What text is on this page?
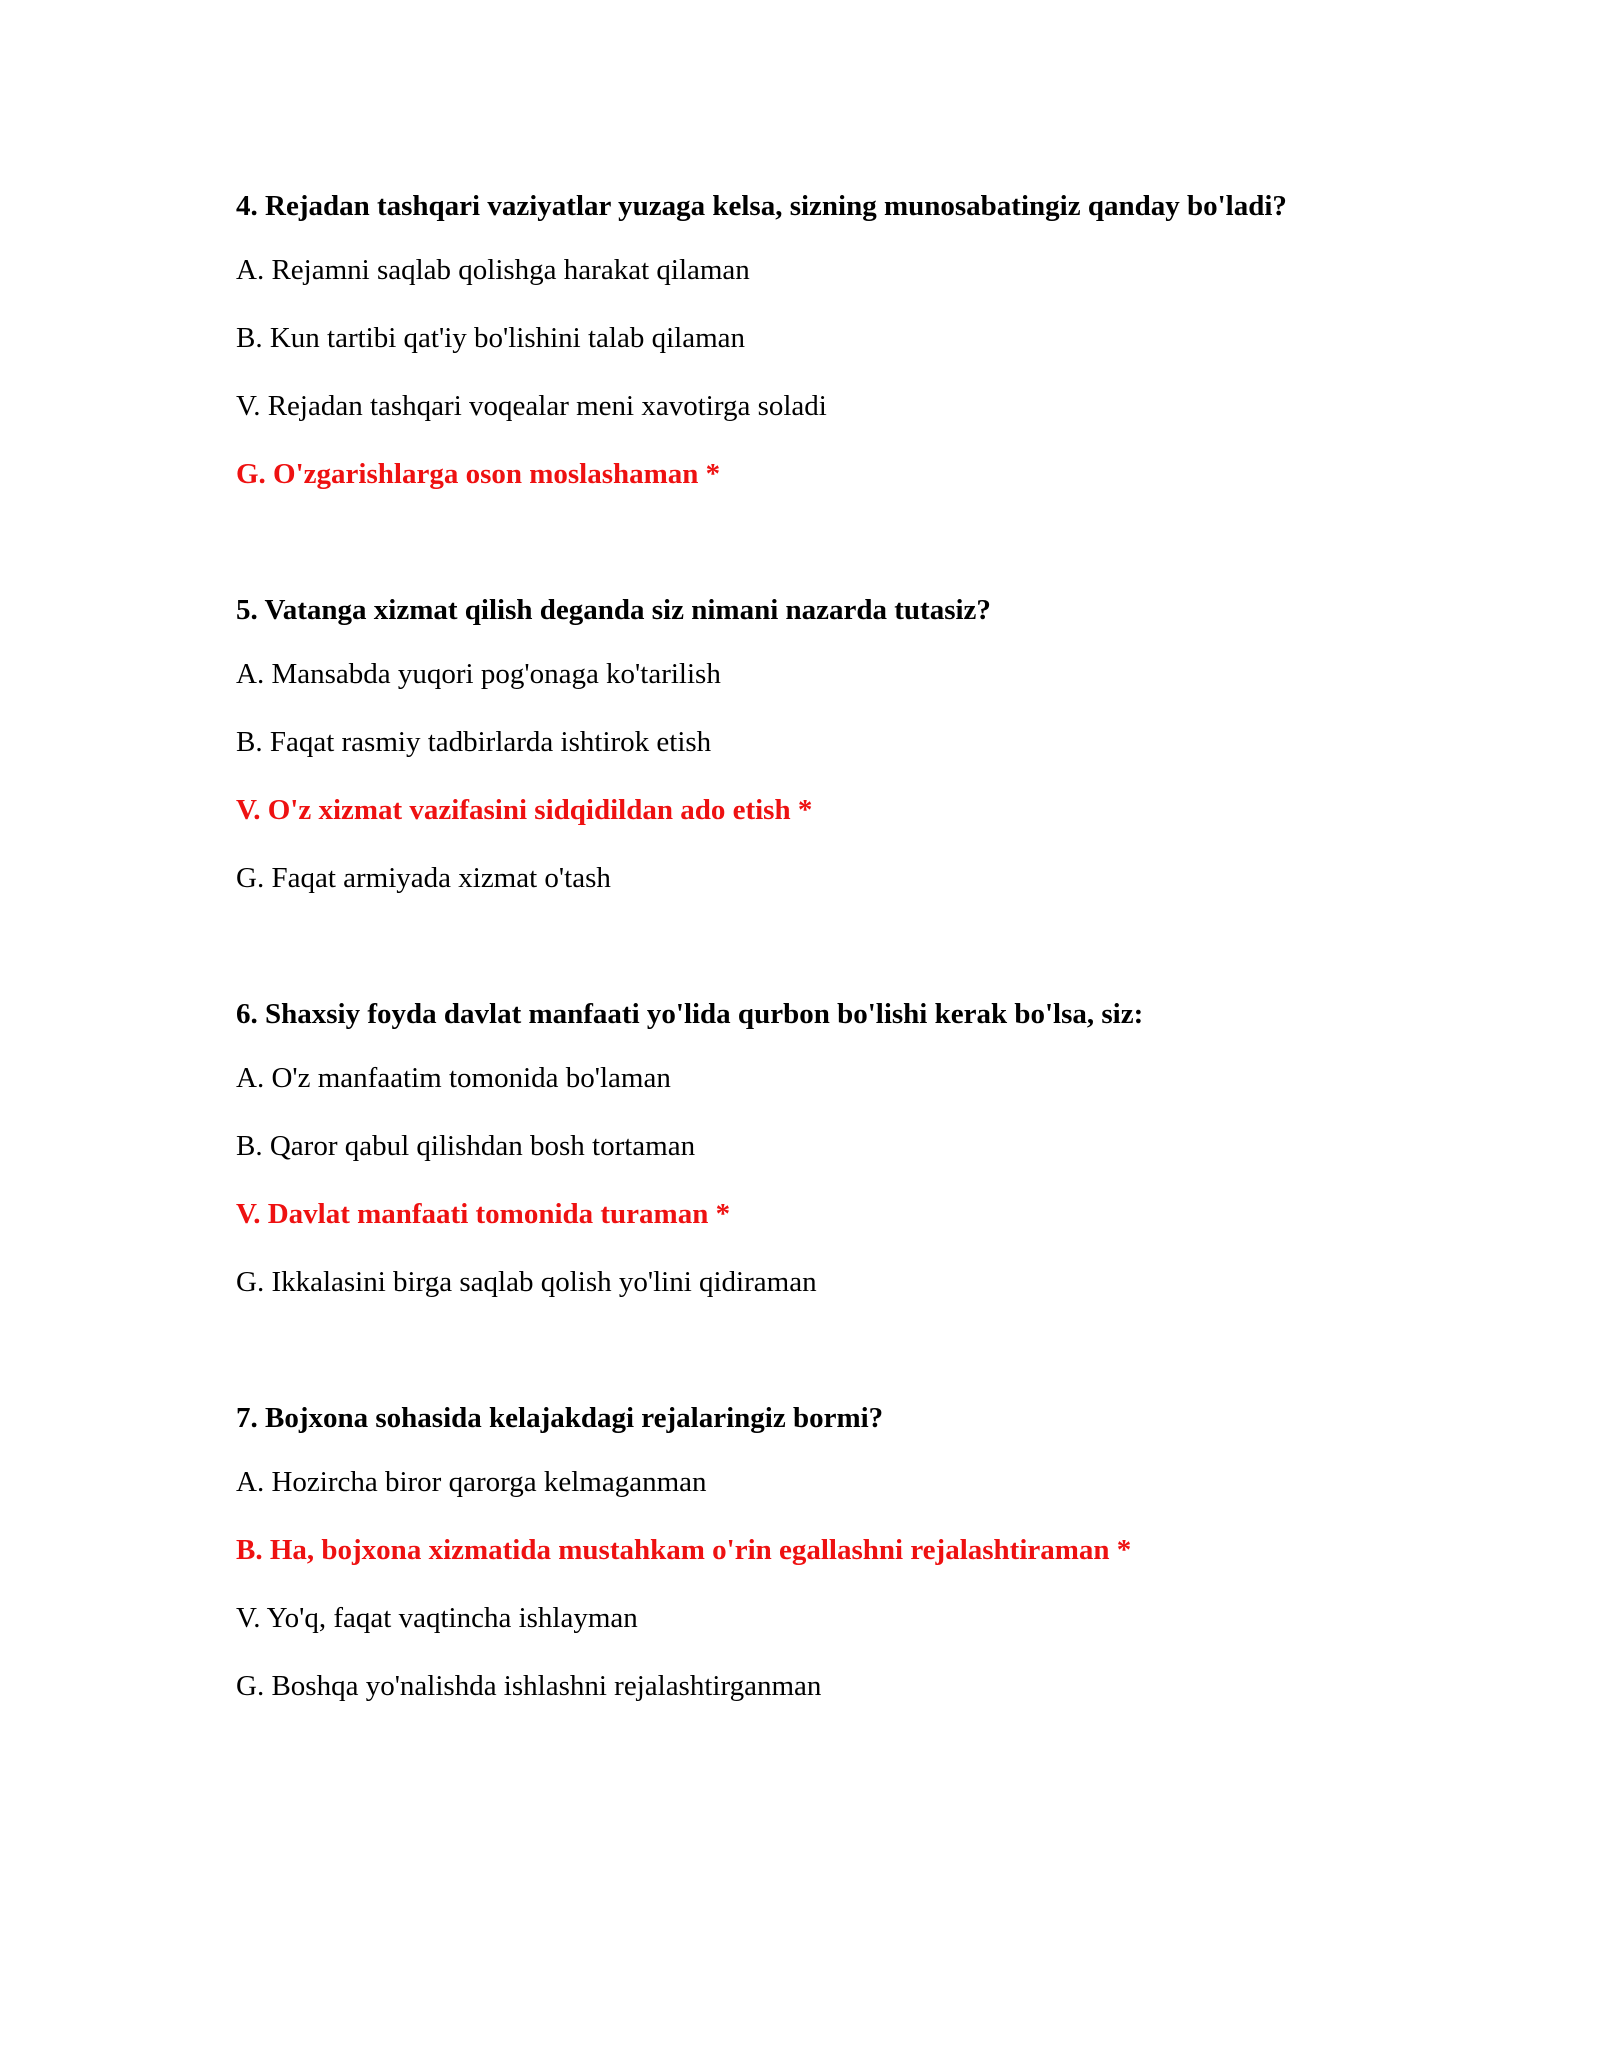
4. Rejadan tashqari vaziyatlar yuzaga kelsa, sizning munosabatingiz qanday bo'ladi?

A. Rejamni saqlab qolishga harakat qilaman

B. Kun tartibi qat'iy bo'lishini talab qilaman

V. Rejadan tashqari voqealar meni xavotirga soladi

G. O'zgarishlarga oson moslashaman *

5. Vatanga xizmat qilish deganda siz nimani nazarda tutasiz?

A. Mansabda yuqori pog'onaga ko'tarilish

B. Faqat rasmiy tadbirlarda ishtirok etish

V. O'z xizmat vazifasini sidqidildan ado etish *

G. Faqat armiyada xizmat o'tash

6. Shaxsiy foyda davlat manfaati yo'lida qurbon bo'lishi kerak bo'lsa, siz:

A. O'z manfaatim tomonida bo'laman

B. Qaror qabul qilishdan bosh tortaman

V. Davlat manfaati tomonida turaman *

G. Ikkalasini birga saqlab qolish yo'lini qidiraman

7. Bojxona sohasida kelajakdagi rejalaringiz bormi?

A. Hozircha biror qarorga kelmaganman

B. Ha, bojxona xizmatida mustahkam o'rin egallashni rejalashtiraman *

V. Yo'q, faqat vaqtincha ishlayman

G. Boshqa yo'nalishda ishlashni rejalashtirganman
